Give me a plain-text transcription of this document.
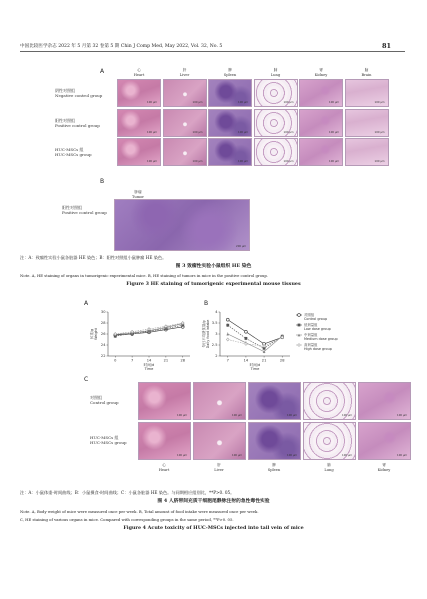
中国比较医学杂志 2022 年 5 月第 32 卷第 5 期 Chin J Comp Med, May 2022, Vol. 32, No. 5	81
A	心
Heart
肝
Liver
脾
Spleen
肺
Lung
肾
Kidney
脑
Brain
阴性对照组
Negative control group
阳性对照组
Positive control group
HUC-MSCs 组
HUC-MSCs group
100 μm	100 μm	100 μm	100 μm	100 μm	100 μm
100 μm	100 μm	100 μm	100 μm	100 μm	100 μm
100 μm	100 μm	100 μm	100 μm	100 μm	100 μm
B
肿瘤
Tumor
阳性对照组
Positive control group
200 μm
注：A：致瘤性实验小鼠各脏器 HE 染色；B：阳性对照组小鼠肿瘤 HE 染色。
图 3 致瘤性实验小鼠组织 HE 染色
Note. A, HE staining of organs in tumorigenic experimental mice. B, HE staining of tumors in mice in the positive control group.
Figure 3 HE staining of tumorigenic experimental mouse tissues
A	B
22
24
26
28
30
0	7	14	21	28
时间/d
Time
体重/g Weight
2
2.5
3
3.5
4
7	14	21	28
时间/d
Time
每日平均摄食量/g Daily food intake
对照组
Control group
低剂量组
Low dose group
中剂量组
Medium dose group
高剂量组
High dose group
C
对照组
Control group
HUC-MSCs 组
HUC-MSCs group
100 μm	100 μm	100 μm	100 μm	100 μm
100 μm	100 μm	100 μm	100 μm	100 μm
心
Heart
肝
Liver
脾
Spleen
肺
Lung
肾
Kidney
注：A：小鼠体重-时间曲线；B：小鼠摄食-时间曲线；C：小鼠各脏器 HE 染色。与同期相应组别比，**P>0. 05。
图 4 人脐带间充质干细胞尾静脉注射的急性毒性实验
Note. A, Body weight of mice were measured once per week. B, Total amount of food intake were measured once per week.
C, HE staining of various organs in mice. Compared with corresponding groups in the same period, **P>0. 05.
Figure 4 Acute toxicity of HUC-MSCs injected into tail vein of mice
